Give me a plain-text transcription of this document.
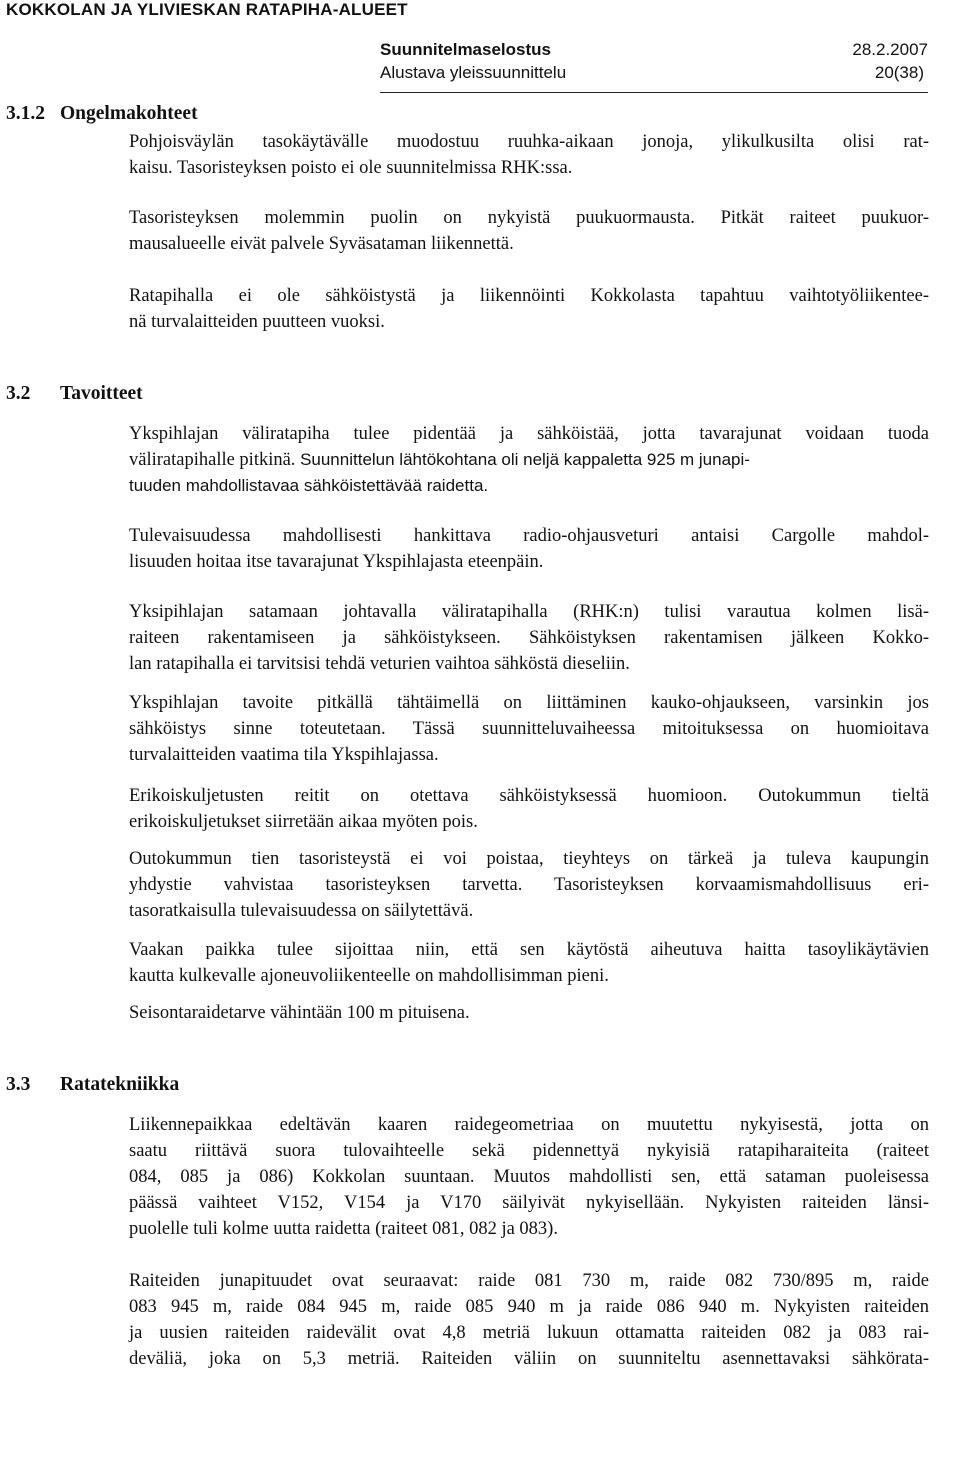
KOKKOLAN JA YLIVIESKAN RATAPIHA-ALUEET
Suunnitelmaselostus	28.2.2007
Alustava yleissuunnittelu	20(38)
3.1.2 Ongelmakohteet
Pohjoisväylän tasokäytävälle muodostuu ruuhka-aikaan jonoja, ylikulkusilta olisi rat-
kaisu. Tasoristeyksen poisto ei ole suunnitelmissa RHK:ssa.
Tasoristeyksen molemmin puolin on nykyistä puukuormausta. Pitkät raiteet puukuor-
mausalueelle eivät palvele Syväsataman liikennettä.
Ratapihalla ei ole sähköistystä ja liikennöinti Kokkolasta tapahtuu vaihtotyöliikentee-
nä turvalaitteiden puutteen vuoksi.
3.2 Tavoitteet
Ykspihlajan väliratapiha tulee pidentää ja sähköistää, jotta tavarajunat voidaan tuoda
väliratapihalle pitkinä. Suunnittelun lähtökohtana oli neljä kappaletta 925 m junapi-
tuuden mahdollistavaa sähköistettävää raidetta.
Tulevaisuudessa mahdollisesti hankittava radio-ohjausveturi antaisi Cargolle mahdol-
lisuuden hoitaa itse tavarajunat Ykspihlajasta eteenpäin.
Yksipihlajan satamaan johtavalla väliratapihalla (RHK:n) tulisi varautua kolmen lisä-
raiteen rakentamiseen ja sähköistykseen. Sähköistyksen rakentamisen jälkeen Kokko-
lan ratapihalla ei tarvitsisi tehdä veturien vaihtoa sähköstä dieseliin.
Ykspihlajan tavoite pitkällä tähtäimellä on liittäminen kauko-ohjaukseen, varsinkin jos
sähköistys sinne toteutetaan. Tässä suunnitteluvaiheessa mitoituksessa on huomioitava
turvalaitteiden vaatima tila Ykspihlajassa.
Erikoiskuljetusten reitit on otettava sähköistyksessä huomioon. Outokummun tieltä
erikoiskuljetukset siirretään aikaa myöten pois.
Outokummun tien tasoristeystä ei voi poistaa, tieyhteys on tärkeä ja tuleva kaupungin
yhdystie vahvistaa tasoristeyksen tarvetta. Tasoristeyksen korvaamismahdollisuus eri-
tasoratkaisulla tulevaisuudessa on säilytettävä.
Vaakan paikka tulee sijoittaa niin, että sen käytöstä aiheutuva haitta tasoylikäytävien
kautta kulkevalle ajoneuvoliikenteelle on mahdollisimman pieni.
Seisontaraidetarve vähintään 100 m pituisena.
3.3 Ratatekniikka
Liikennepaikkaa edeltävän kaaren raidegeometriaa on muutettu nykyisestä, jotta on
saatu riittävä suora tulovaihteelle sekä pidennettyä nykyisiä ratapiharaiteita (raiteet
084, 085 ja 086) Kokkolan suuntaan. Muutos mahdollisti sen, että sataman puoleisessa
päässä vaihteet V152, V154 ja V170 säilyivät nykyisellään. Nykyisten raiteiden länsi-
puolelle tuli kolme uutta raidetta (raiteet 081, 082 ja 083).
Raiteiden junapituudet ovat seuraavat: raide 081 730 m, raide 082 730/895 m, raide
083 945 m, raide 084 945 m, raide 085 940 m ja raide 086 940 m. Nykyisten raiteiden
ja uusien raiteiden raidevälit ovat 4,8 metriä lukuun ottamatta raiteiden 082 ja 083 rai-
deväliä, joka on 5,3 metriä. Raiteiden väliin on suunniteltu asennettavaksi sähkörata-
